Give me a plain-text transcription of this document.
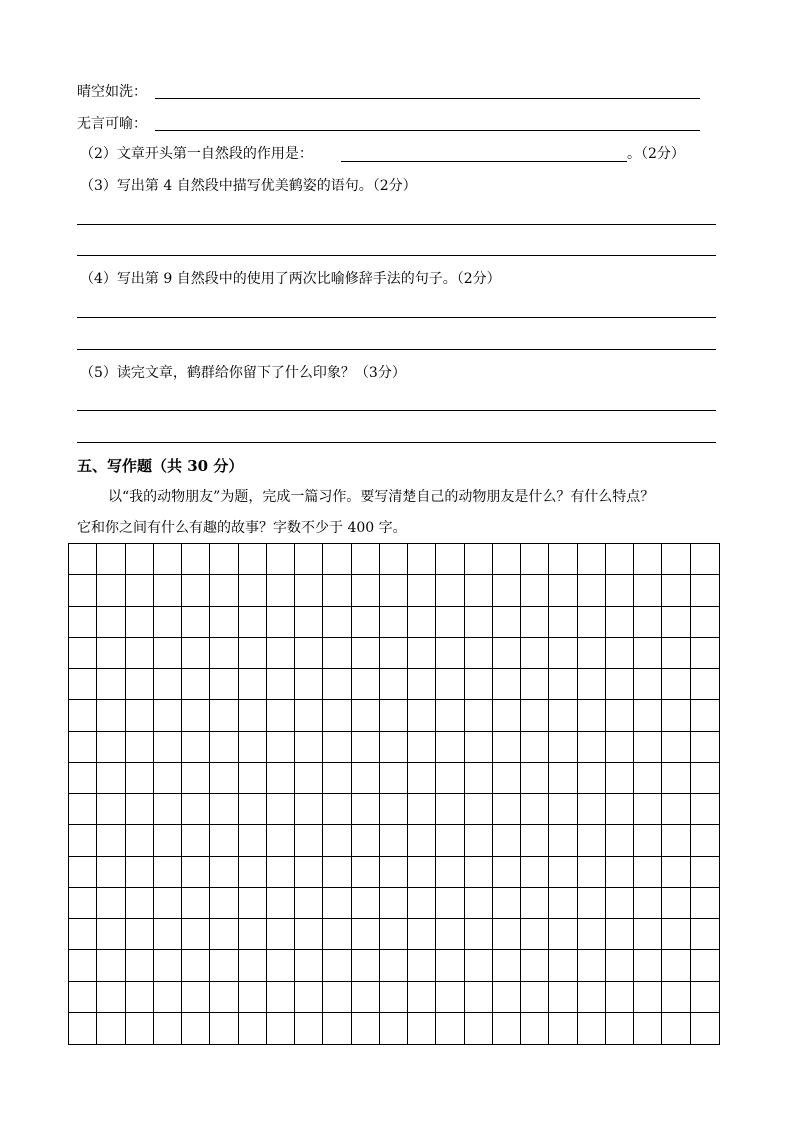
晴空如洗：
无言可喻：
（2）文章开头第一自然段的作用是：	。（2分）
（3）写出第 4 自然段中描写优美鹤姿的语句。（2分）
（4）写出第 9 自然段中的使用了两次比喻修辞手法的句子。（2分）
（5）读完文章，鹤群给你留下了什么印象？（3分）
五、写作题（共 30 分）
以“我的动物朋友”为题，完成一篇习作。要写清楚自己的动物朋友是什么？有什么特点？
它和你之间有什么有趣的故事？字数不少于 400 字。
